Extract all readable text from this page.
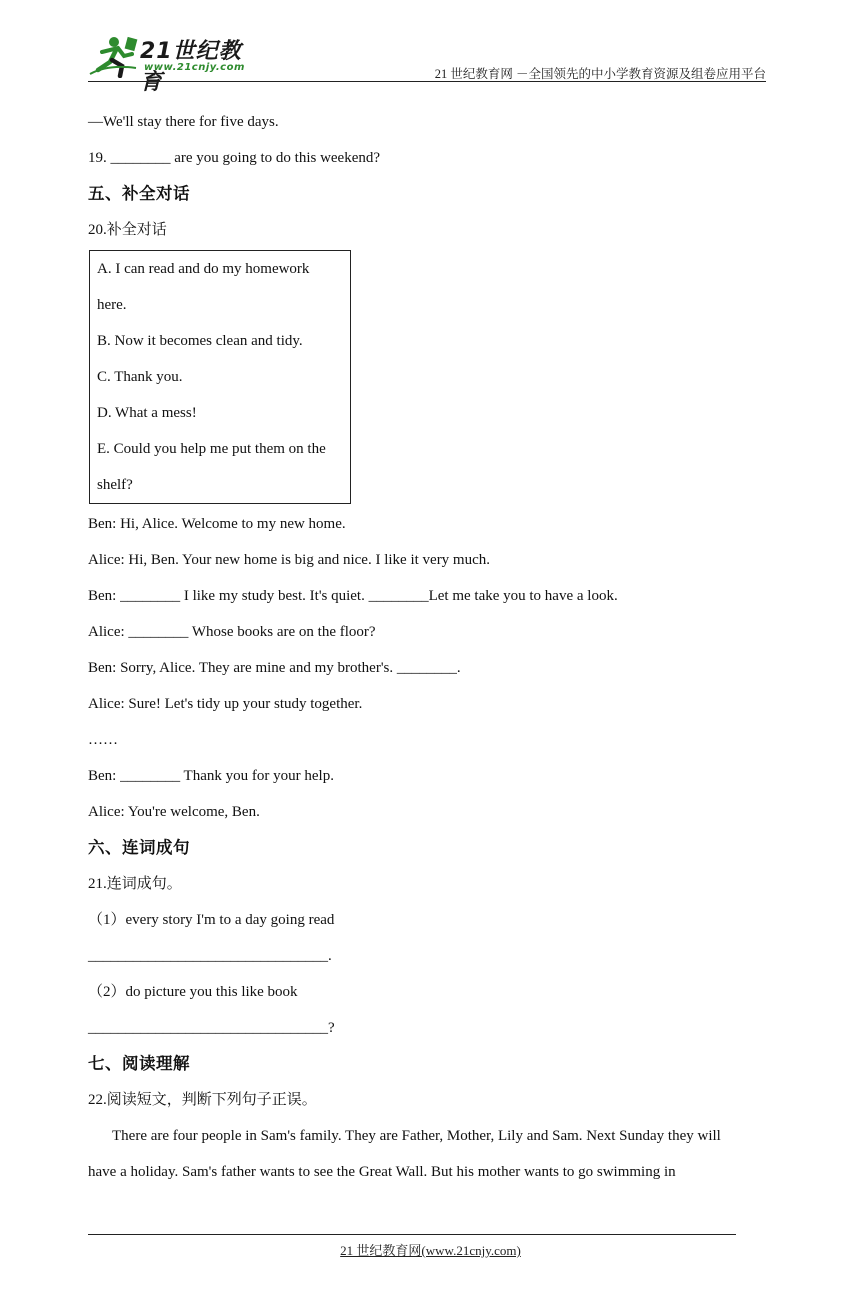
21世纪教育
www.21cnjy.com	21 世纪教育网 －全国领先的中小学教育资源及组卷应用平台
—We'll stay there for five days.
19. ________ are you going to do this weekend?
五、补全对话
20.补全对话
A. I can read and do my homework
here.
B. Now it becomes clean and tidy.
C. Thank you.
D. What a mess!
E. Could you help me put them on the
shelf?
Ben: Hi, Alice. Welcome to my new home.
Alice: Hi, Ben. Your new home is big and nice. I like it very much.
Ben: ________ I like my study best. It's quiet. ________Let me take you to have a look.
Alice: ________ Whose books are on the floor?
Ben: Sorry, Alice. They are mine and my brother's. ________.
Alice: Sure! Let's tidy up your study together.
……
Ben: ________ Thank you for your help.
Alice: You're welcome, Ben.
六、连词成句
21.连词成句。
（1）every story I'm to a day going read
________________________________.
（2）do picture you this like book
________________________________?
七、阅读理解
22.阅读短文，判断下列句子正误。
There are four people in Sam's family. They are Father, Mother, Lily and Sam. Next Sunday they will
have a holiday. Sam's father wants to see the Great Wall. But his mother wants to go swimming in
21 世纪教育网(www.21cnjy.com)
